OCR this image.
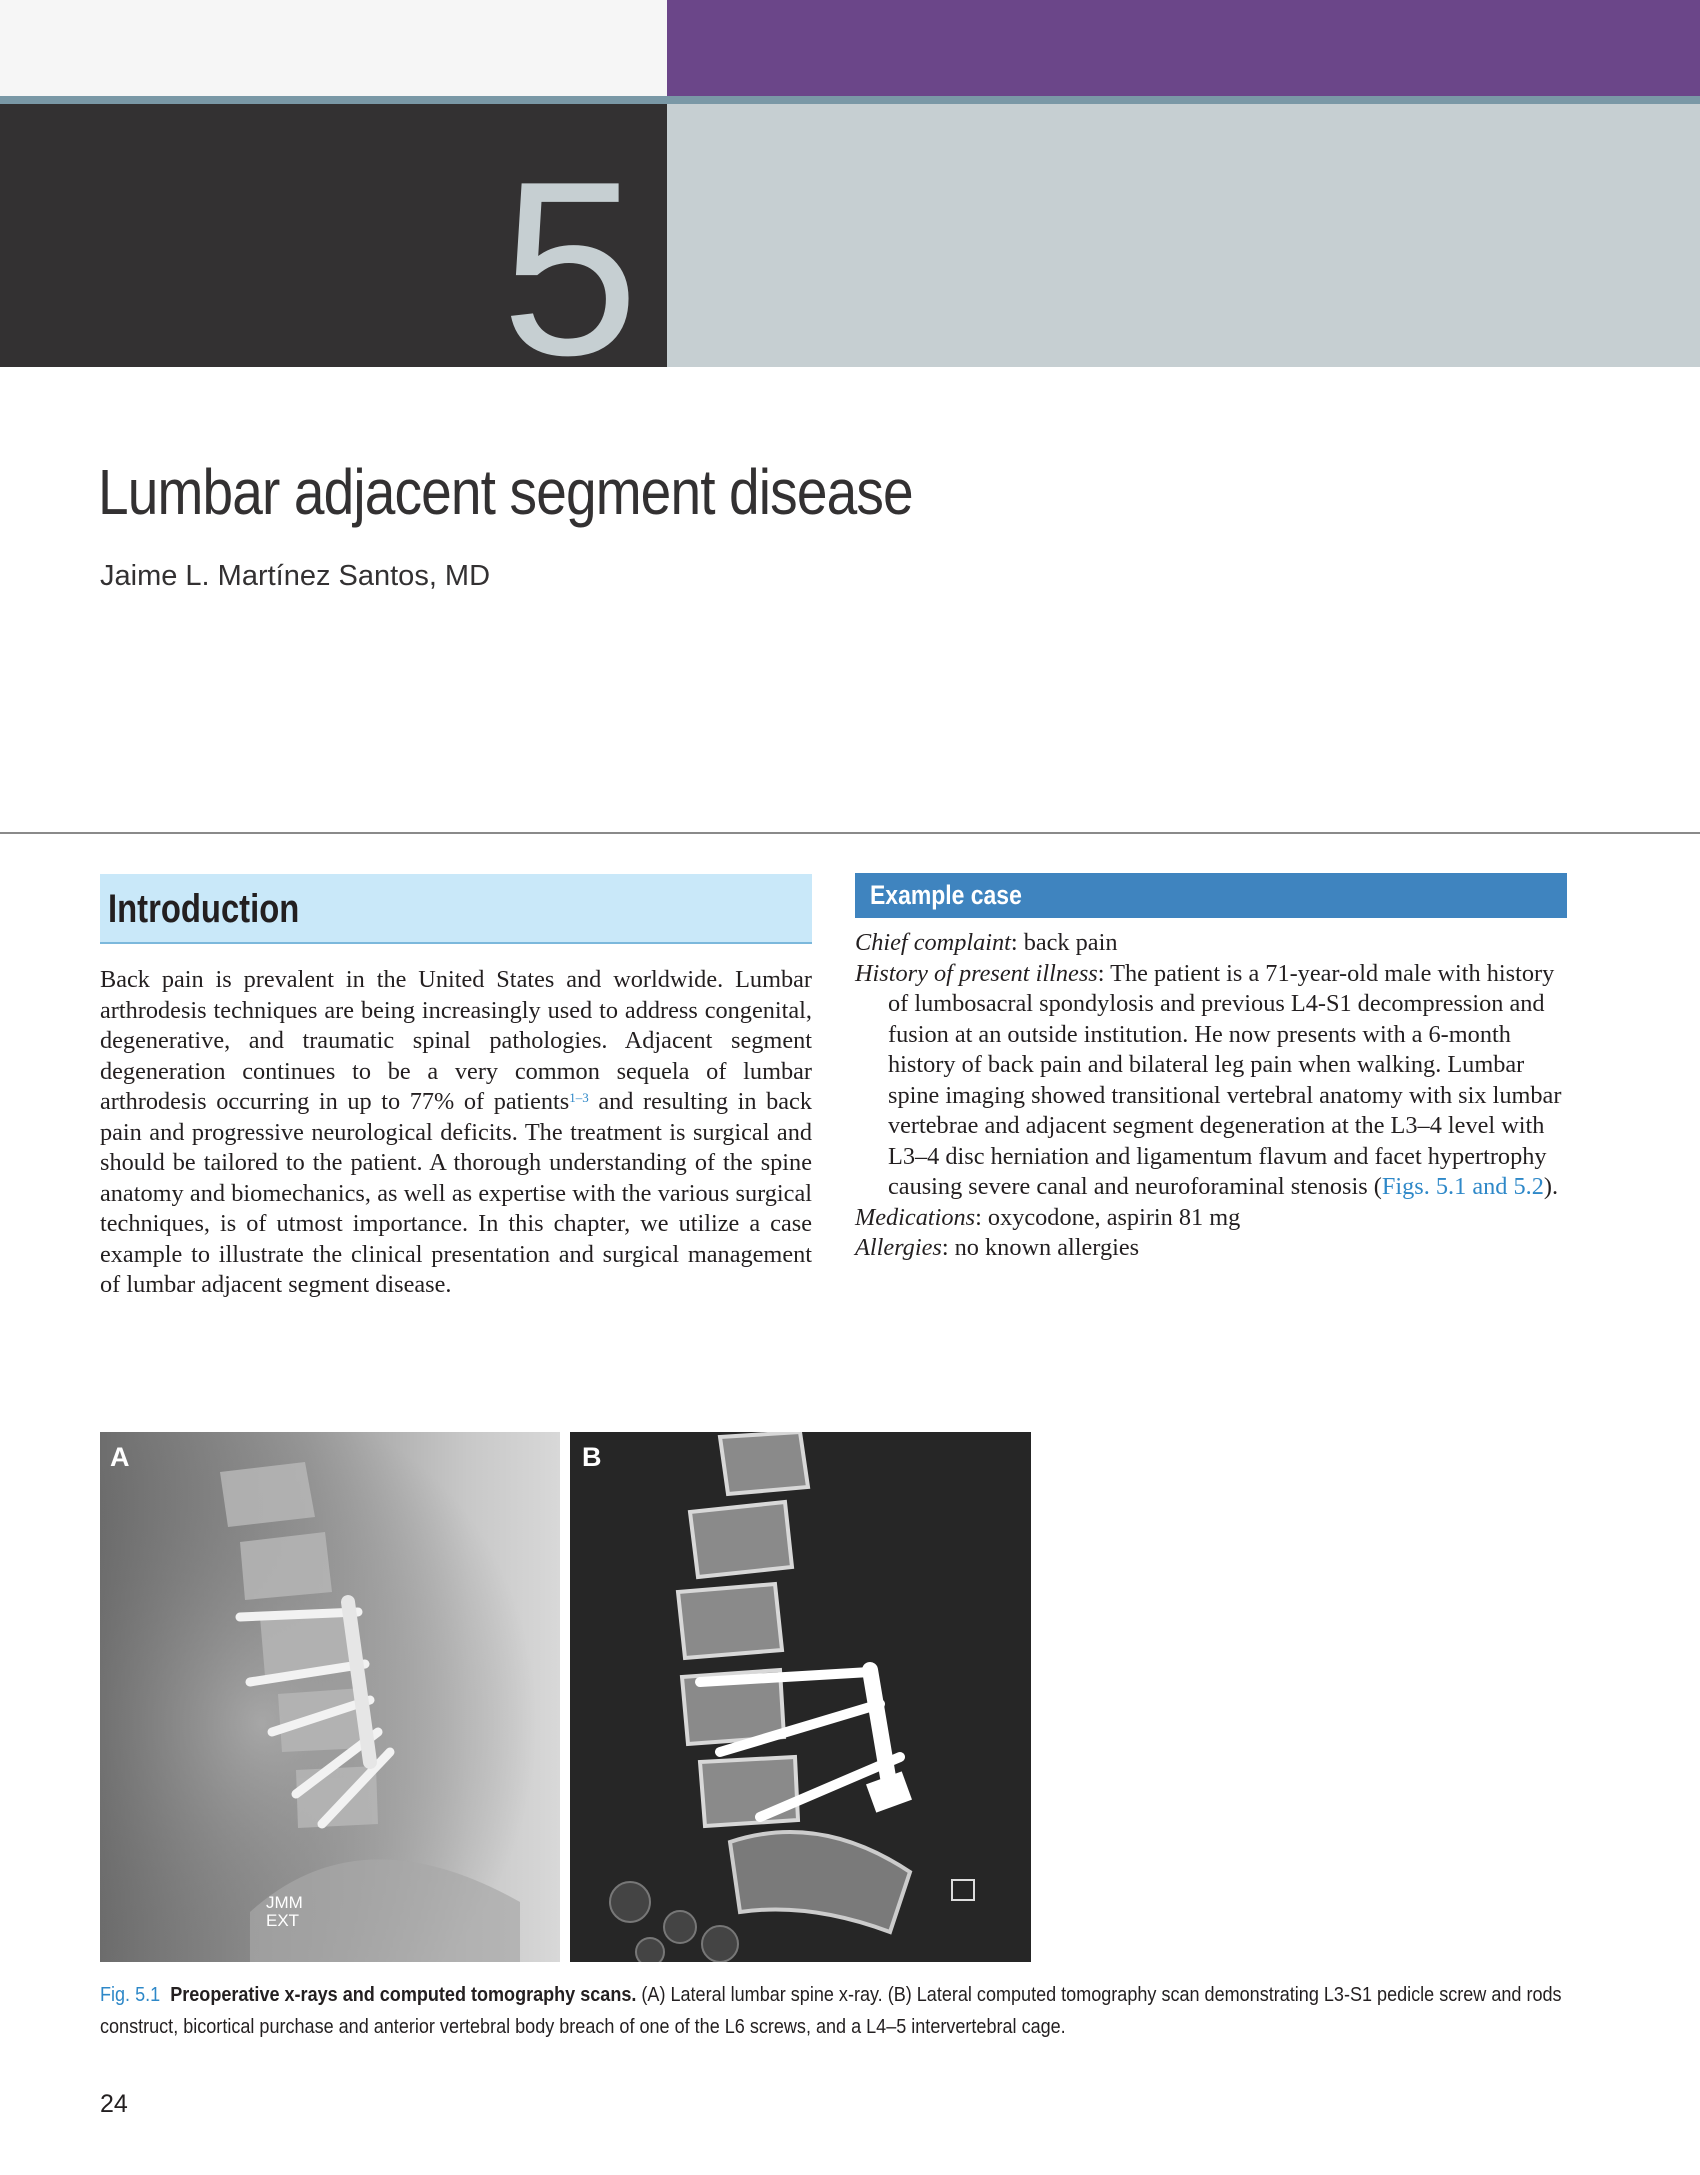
5
Lumbar adjacent segment disease
Jaime L. Martínez Santos, MD
Introduction

Back pain is prevalent in the United States and worldwide. Lumbar arthrodesis techniques are being increasingly used to address congenital, degenerative, and traumatic spinal pathologies. Adjacent segment degeneration continues to be a very common sequela of lumbar arthrodesis occurring in up to 77% of patients$^{1-3}$ and resulting in back pain and progressive neurological deficits. The treatment is surgical and should be tailored to the patient. A thorough understanding of the spine anatomy and biomechanics, as well as expertise with the various surgical techniques, is of utmost importance. In this chapter, we utilize a case example to illustrate the clinical presentation and surgical management of lumbar adjacent segment disease.

Example case

Chief complaint: back pain

History of present illness: The patient is a 71-year-old male with history of lumbosacral spondylosis and previous L4-S1 decompression and fusion at an outside institution. He now presents with a 6-month history of back pain and bilateral leg pain when walking. Lumbar spine imaging showed transitional vertebral anatomy with six lumbar vertebrae and adjacent segment degeneration at the L3–4 level with L3–4 disc herniation and ligamentum flavum and facet hypertrophy causing severe canal and neuroforaminal stenosis (Figs. 5.1 and 5.2).

Medications: oxycodone, aspirin 81 mg

Allergies: no known allergies

A
JMM
EXT
B

Fig. 5.1 Preoperative x-rays and computed tomography scans. (A) Lateral lumbar spine x-ray. (B) Lateral computed tomography scan demonstrating L3-S1 pedicle screw and rods construct, bicortical purchase and anterior vertebral body breach of one of the L6 screws, and a L4–5 intervertebral cage.

24
